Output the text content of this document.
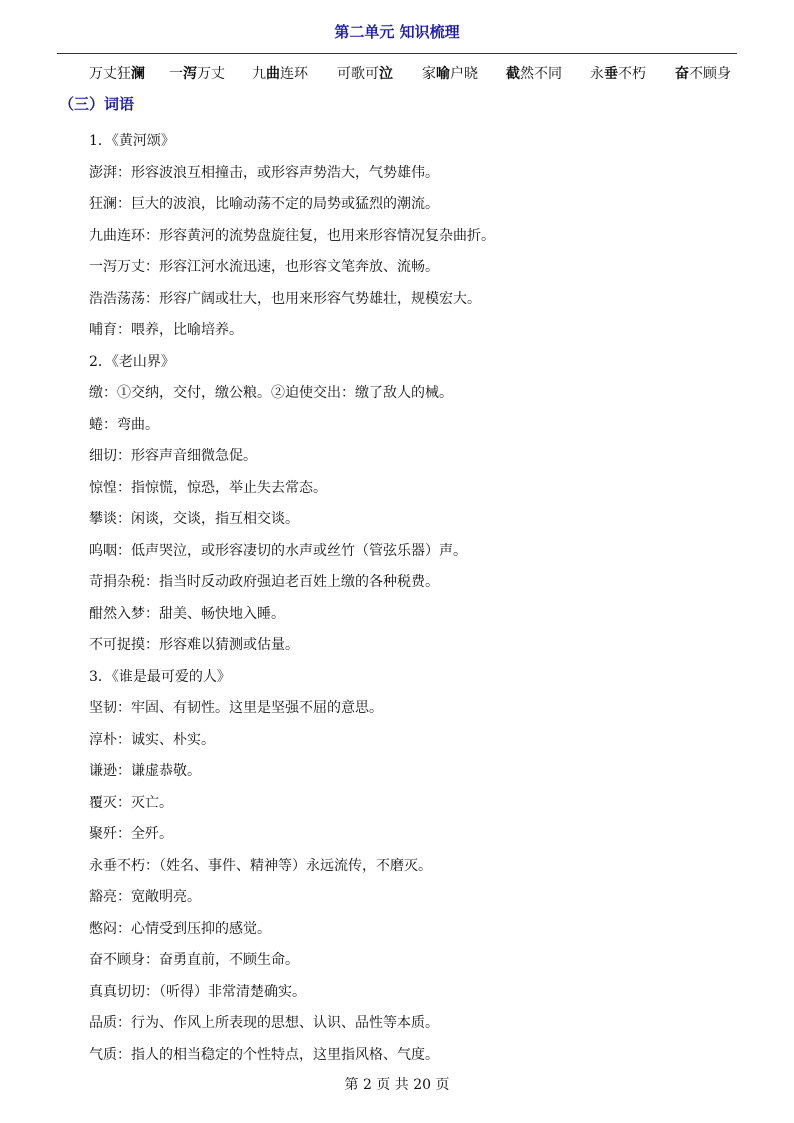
第二单元 知识梳理
万丈狂澜 一泻万丈 九曲连环 可歌可泣 家喻户晓 截然不同 永垂不朽 奋不顾身
（三）词语
1．《黄河颂》
澎湃：形容波浪互相撞击，或形容声势浩大，气势雄伟。
狂澜：巨大的波浪，比喻动荡不定的局势或猛烈的潮流。
九曲连环：形容黄河的流势盘旋往复，也用来形容情况复杂曲折。
一泻万丈：形容江河水流迅速，也形容文笔奔放、流畅。
浩浩荡荡：形容广阔或壮大，也用来形容气势雄壮，规模宏大。
哺育：喂养，比喻培养。
2．《老山界》
缴：①交纳，交付，缴公粮。②迫使交出：缴了敌人的械。
蜷：弯曲。
细切：形容声音细微急促。
惊惶：指惊慌，惊恐，举止失去常态。
攀谈：闲谈，交谈，指互相交谈。
呜咽：低声哭泣，或形容凄切的水声或丝竹（管弦乐器）声。
苛捐杂税：指当时反动政府强迫老百姓上缴的各种税费。
酣然入梦：甜美、畅快地入睡。
不可捉摸：形容难以猜测或估量。
3．《谁是最可爱的人》
坚韧：牢固、有韧性。这里是坚强不屈的意思。
淳朴：诚实、朴实。
谦逊：谦虚恭敬。
覆灭：灭亡。
聚歼：全歼。
永垂不朽：（姓名、事件、精神等）永远流传，不磨灭。
豁亮：宽敞明亮。
憋闷：心情受到压抑的感觉。
奋不顾身：奋勇直前，不顾生命。
真真切切：（听得）非常清楚确实。
品质：行为、作风上所表现的思想、认识、品性等本质。
气质：指人的相当稳定的个性特点，这里指风格、气度。
第 2 页 共 20 页
